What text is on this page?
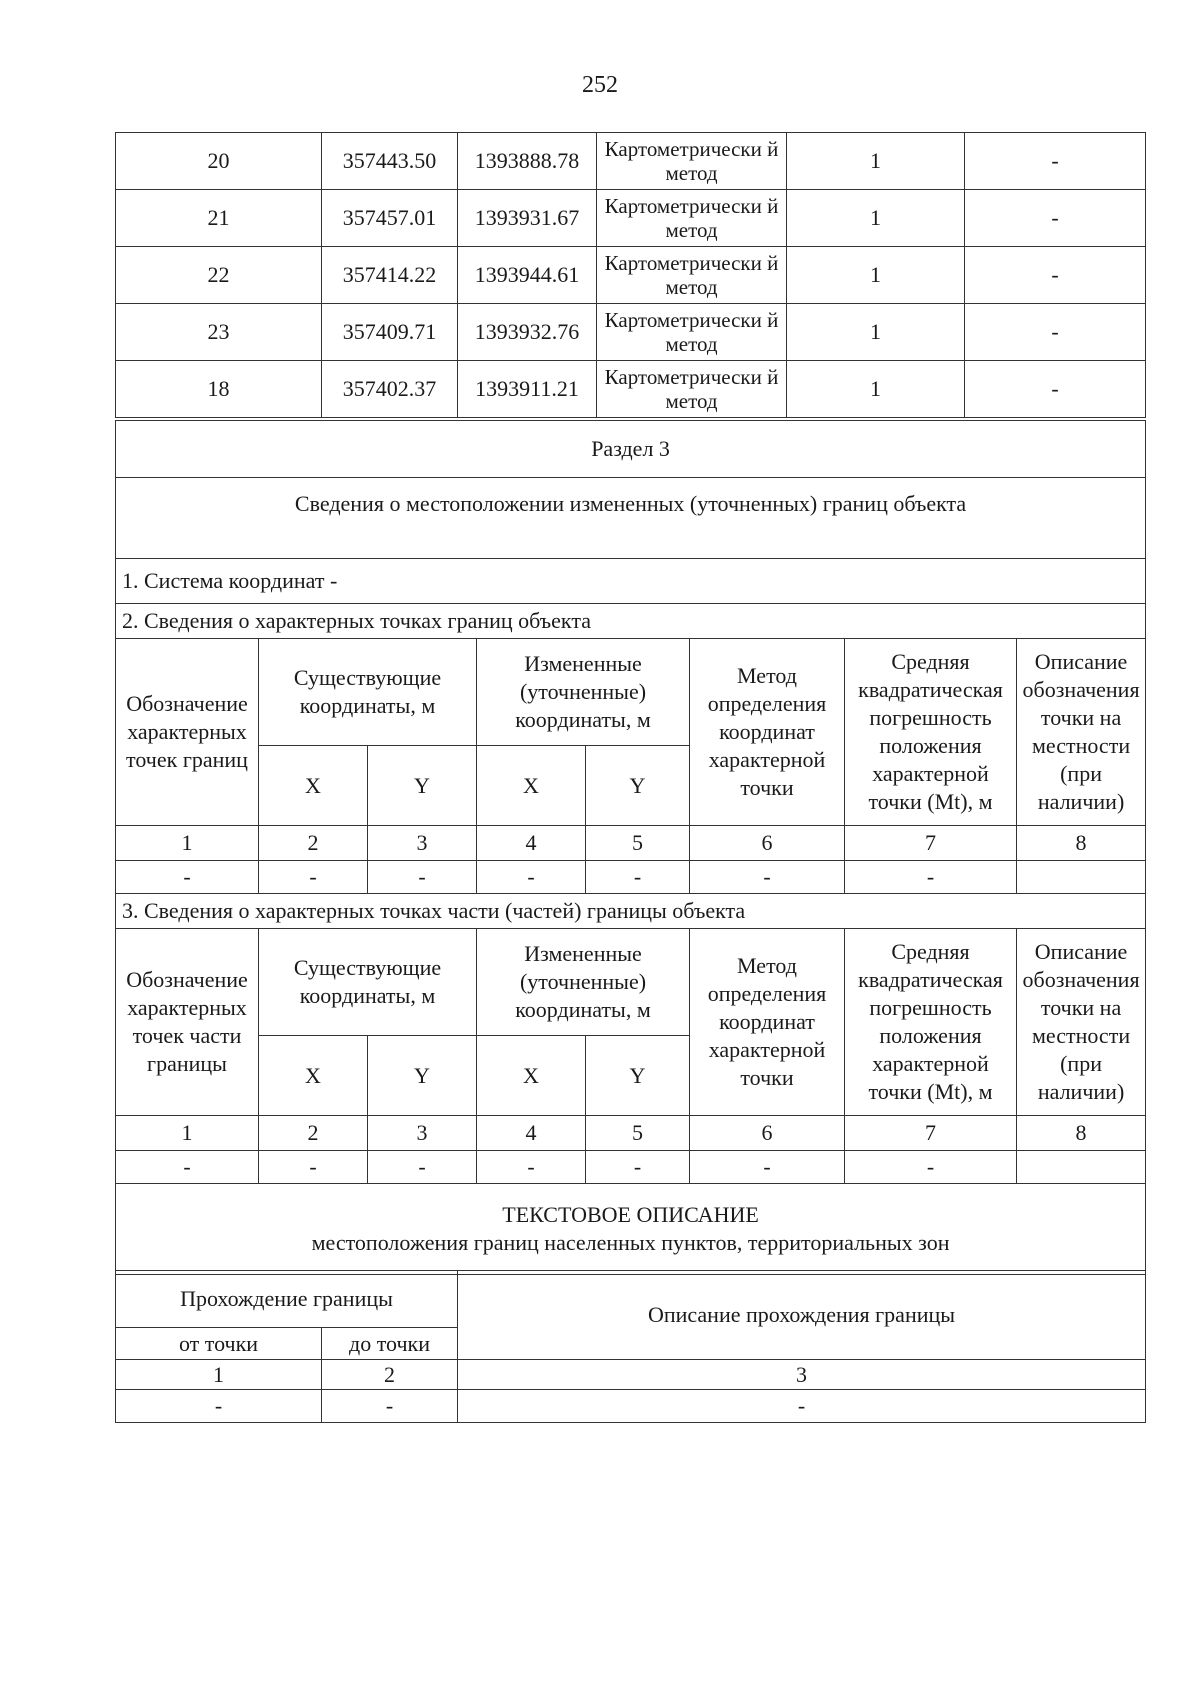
252
20	357443.50	1393888.78	Картометрически й метод	1	-
21	357457.01	1393931.67	Картометрически й метод	1	-
22	357414.22	1393944.61	Картометрически й метод	1	-
23	357409.71	1393932.76	Картометрически й метод	1	-
18	357402.37	1393911.21	Картометрически й метод	1	-
Раздел 3							
Сведения о местоположении измененных (уточненных) границ объекта							
1. Система координат -							
2. Сведения о характерных точках границ объекта							
Обозначение характерных точек границ	Существующие координаты, м		Измененные (уточненные) координаты, м		Метод определения координат характерной точки	Средняя квадратическая погрешность положения характерной точки (Mt), м	Описание обозначения точки на местности (при наличии)
	X	Y	X	Y			
1	2	3	4	5	6	7	8
-	-	-	-	-	-	-	
3. Сведения о характерных точках части (частей) границы объекта							
Обозначение характерных точек части границы	Существующие координаты, м		Измененные (уточненные) координаты, м		Метод определения координат характерной точки	Средняя квадратическая погрешность положения характерной точки (Mt), м	Описание обозначения точки на местности (при наличии)
	X	Y	X	Y			
1	2	3	4	5	6	7	8
-	-	-	-	-	-	-	

ТЕКСТОВОЕ ОПИСАНИЕ
местоположения границ населенных пунктов, территориальных зон							
Прохождение границы		Описание прохождения границы
от точки	до точки	
1	2	3
-	-	-
